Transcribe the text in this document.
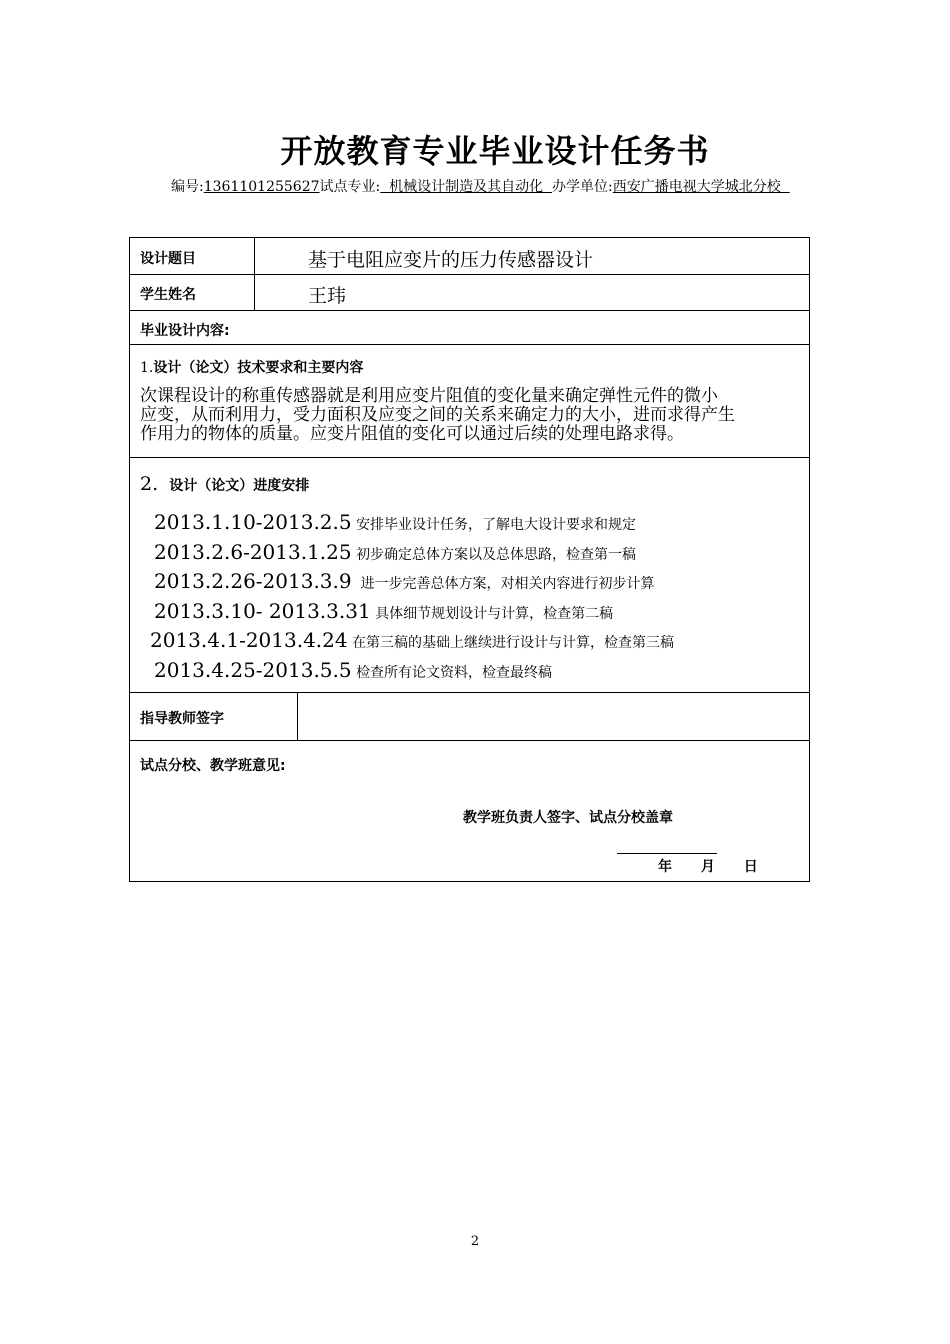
开放教育专业毕业设计任务书
编号:1361101255627试点专业:  机械设计制造及其自动化  办学单位:西安广播电视大学城北分校
设计题目	基于电阻应变片的压力传感器设计
学生姓名	王玮
毕业设计内容:
1.设计（论文）技术要求和主要内容
次课程设计的称重传感器就是利用应变片阻值的变化量来确定弹性元件的微小
应变，从而利用力，受力面积及应变之间的关系来确定力的大小，进而求得产生
作用力的物体的质量。应变片阻值的变化可以通过后续的处理电路求得。
2. 设计（论文）进度安排
2013.1.10-2013.2.5 安排毕业设计任务，了解电大设计要求和规定
2013.2.6-2013.1.25 初步确定总体方案以及总体思路，检查第一稿
2013.2.26-2013.3.9 进一步完善总体方案，对相关内容进行初步计算
2013.3.10- 2013.3.31 具体细节规划设计与计算，检查第二稿
2013.4.1-2013.4.24 在第三稿的基础上继续进行设计与计算，检查第三稿
2013.4.25-2013.5.5 检查所有论文资料，检查最终稿
指导教师签字
试点分校、教学班意见:
教学班负责人签字、试点分校盖章
年 月 日
2
